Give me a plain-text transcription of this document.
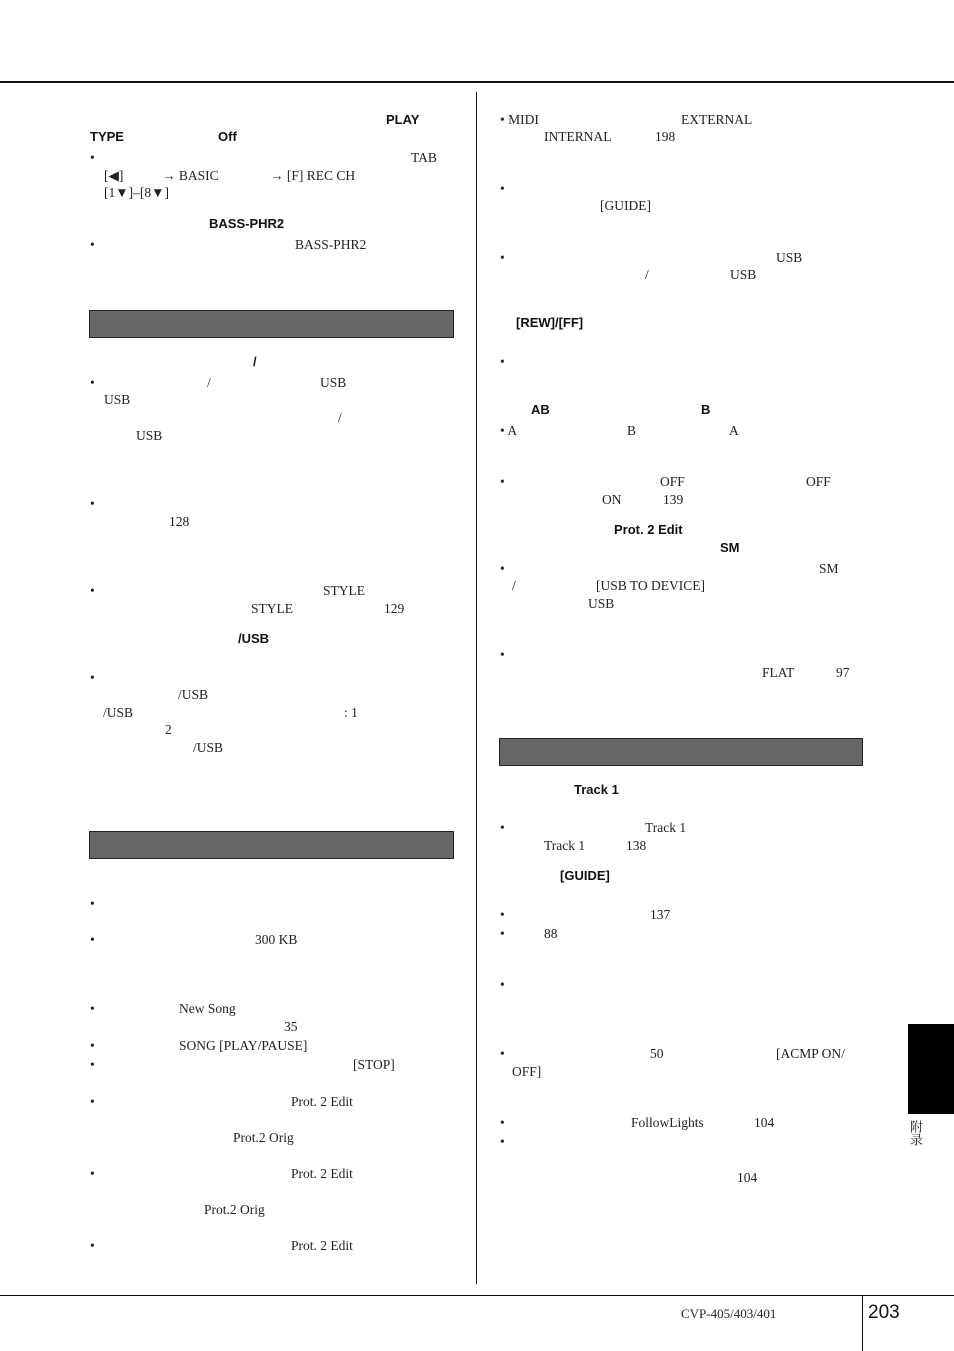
PLAY
TYPE	Off
•	TAB
[◀]	→ BASIC	→ [F] REC CH
[1▼]–[8▼]
BASS-PHR2
•	BASS-PHR2
/
•	/	USB
USB
/
USB
•
128
•	STYLE
STYLE	129
/USB
•
/USB
/USB	: 1
2
/USB
•
•	300 KB
•	New Song
35
•	SONG [PLAY/PAUSE]
•	[STOP]
•	Prot. 2 Edit
Prot.2 Orig
•	Prot. 2 Edit
Prot.2 Orig
•	Prot. 2 Edit
• MIDI	EXTERNAL
INTERNAL	198
•
[GUIDE]
•	USB
/	USB
[REW]/[FF]
•
AB	B
• A	B	A
•	OFF	OFF
ON	139
Prot. 2 Edit
SM
•	SM
/	[USB TO DEVICE]
USB
•
FLAT	97
Track 1
•	Track 1
Track 1	138
[GUIDE]
•	137
•	88
•
•	50	[ACMP ON/
OFF]
•	FollowLights	104
•
104
附录
CVP-405/403/401	203
